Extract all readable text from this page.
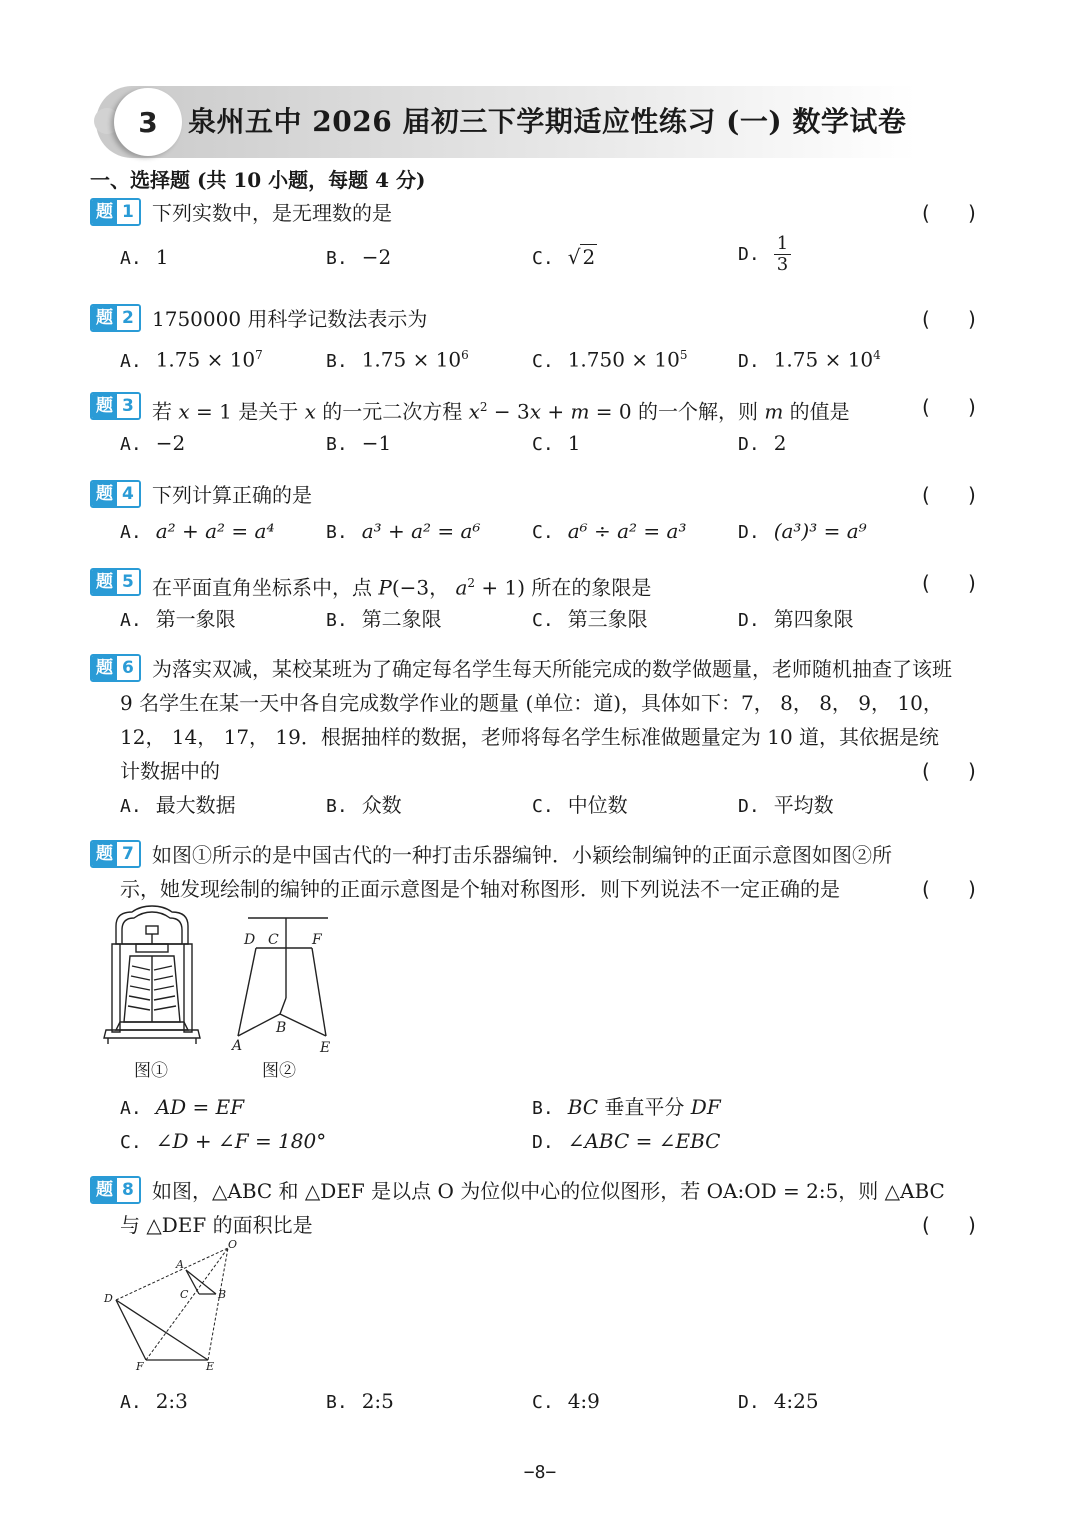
3	泉州五中 2026 届初三下学期适应性练习 (一) 数学试卷
一、选择题 (共 10 小题，每题 4 分)
题 1 下列实数中，是无理数的是	(      )
A. 1	B. −2	C. √ 2	D. $\frac{1}{3}$
题 2 1750000 用科学记数法表示为	(      )
A. $1.75 \times 10^7$	B. $1.75 \times 10^6$	C. $1.750 \times 10^5$	D. $1.75 \times 10^4$
题 3 若 x = 1 是关于 x 的一元二次方程 $x^2 - 3x + m = 0$ 的一个解，则 m 的值是	(      )
A. −2	B. −1	C. 1	D. 2
题 4 下列计算正确的是	(      )
A. a² + a² = a⁴	B. a³ + a² = a⁶	C. a⁶ ÷ a² = a³	D. (a³)³ = a⁹
题 5 在平面直角坐标系中，点 P(−3， $a^2 + 1$) 所在的象限是	(      )
A. 第一象限	B. 第二象限	C. 第三象限	D. 第四象限
题 6 为落实双减，某校某班为了确定每名学生每天所能完成的数学做题量，老师随机抽查了该班 9 名学生在某一天中各自完成数学作业的题量 (单位：道)，具体如下：7， 8， 8， 9， 10， 12， 14， 17， 19．根据抽样的数据，老师将每名学生标准做题量定为 10 道，其依据是统计数据中的	(      )
A. 最大数据	B. 众数	C. 中位数	D. 平均数
题 7 如图①所示的是中国古代的一种打击乐器编钟．小颖绘制编钟的正面示意图如图②所示，她发现绘制的编钟的正面示意图是个轴对称图形．则下列说法不一定正确的是	(      )
图①
D C F
B
A	E
图②
A. AD = EF	B. BC 垂直平分 DF
C. ∠D + ∠F = 180°	D. ∠ABC = ∠EBC
题 8 如图，△ABC 和 △DEF 是以点 O 为位似中心的位似图形，若 OA:OD = 2:5，则 △ABC
与 △DEF 的面积比是	(      )
O
A
C	B
D
F	E
A. 2:3	B. 2:5	C. 4:9	D. 4:25
−8−
